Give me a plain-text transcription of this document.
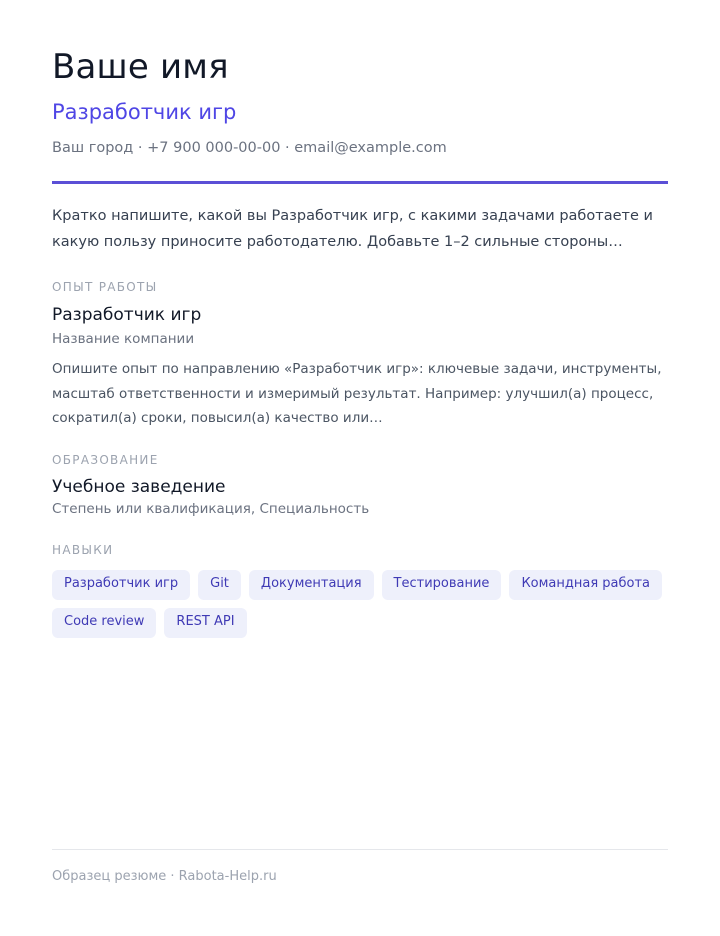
Ваше имя
Разработчик игр
Ваш город · +7 900 000-00-00 · email@example.com
Кратко напишите, какой вы Разработчик игр, с какими задачами работаете и какую пользу приносите работодателю. Добавьте 1–2 сильные стороны…
ОПЫТ РАБОТЫ
Разработчик игр
Название компании
Опишите опыт по направлению «Разработчик игр»: ключевые задачи, инструменты, масштаб ответственности и измеримый результат. Например: улучшил(а) процесс, сократил(а) сроки, повысил(а) качество или…
ОБРАЗОВАНИЕ
Учебное заведение
Степень или квалификация, Специальность
НАВЫКИ
Разработчик игр	Git	Документация	Тестирование	Командная работа
Code review	REST API
Образец резюме · Rabota-Help.ru
